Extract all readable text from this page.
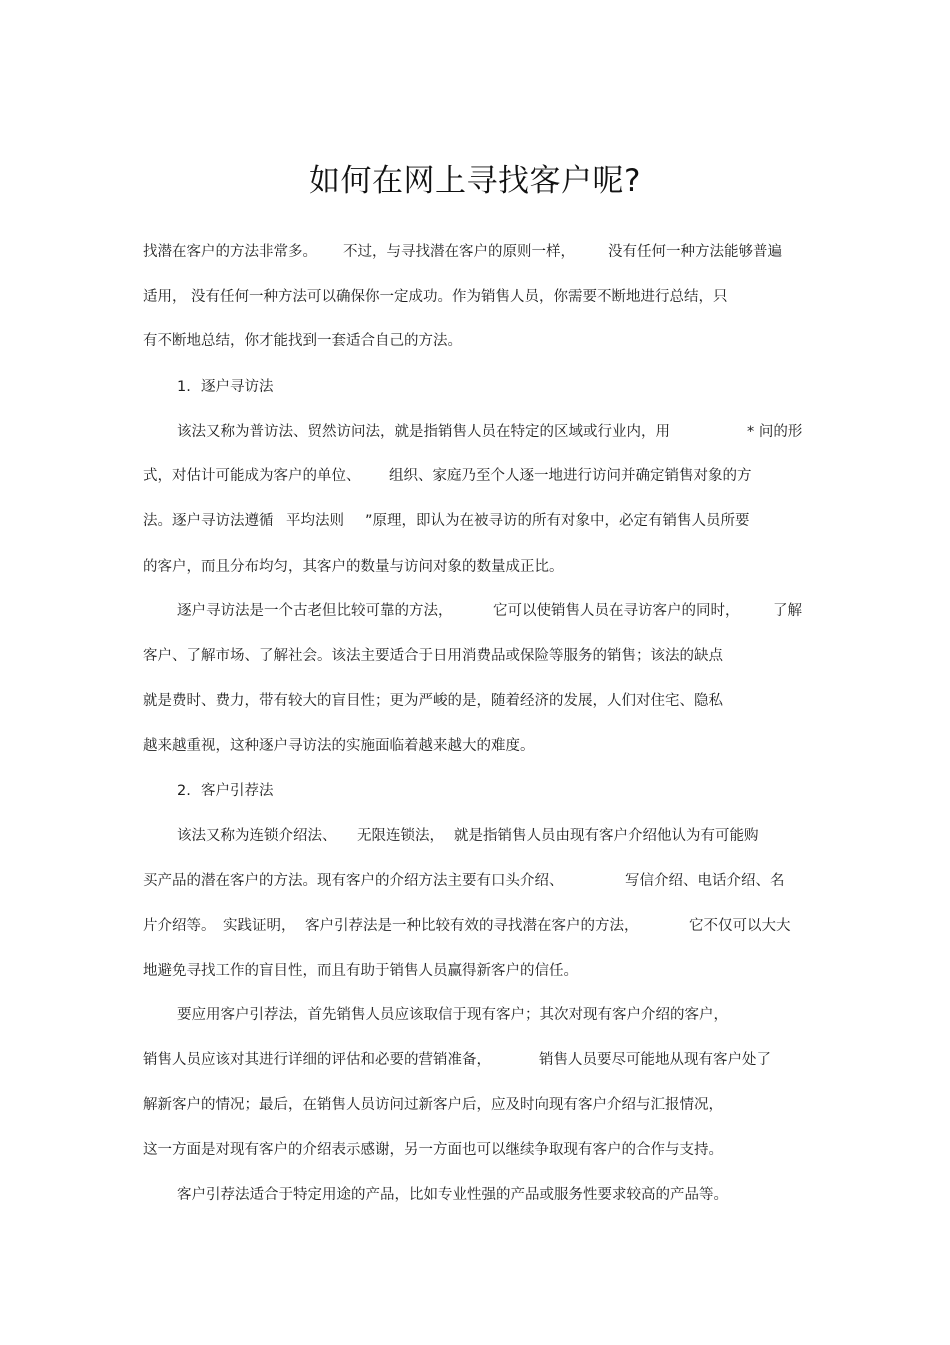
如何在网上寻找客户呢?
找潜在客户的方法非常多。 不过，与寻找潜在客户的原则一样， 没有任何一种方法能够普遍
适用， 没有任何一种方法可以确保你一定成功。作为销售人员，你需要不断地进行总结，只
有不断地总结，你才能找到一套适合自己的方法。
1. 逐户寻访法
该法又称为普访法、贸然访问法，就是指销售人员在特定的区域或行业内，用	* 问的形
式，对估计可能成为客户的单位、 组织、家庭乃至个人逐一地进行访问并确定销售对象的方
法。逐户寻访法遵循 平均法则 ”原理，即认为在被寻访的所有对象中，必定有销售人员所要
的客户，而且分布均匀，其客户的数量与访问对象的数量成正比。
逐户寻访法是一个古老但比较可靠的方法，	它可以使销售人员在寻访客户的同时， 了解
客户、了解市场、了解社会。该法主要适合于日用消费品或保险等服务的销售；该法的缺点
就是费时、费力，带有较大的盲目性；更为严峻的是，随着经济的发展，人们对住宅、隐私
越来越重视，这种逐户寻访法的实施面临着越来越大的难度。
2. 客户引荐法
该法又称为连锁介绍法、 无限连锁法， 就是指销售人员由现有客户介绍他认为有可能购
买产品的潜在客户的方法。现有客户的介绍方法主要有口头介绍、	写信介绍、电话介绍、名
片介绍等。 实践证明， 客户引荐法是一种比较有效的寻找潜在客户的方法，	它不仅可以大大
地避免寻找工作的盲目性，而且有助于销售人员赢得新客户的信任。
要应用客户引荐法，首先销售人员应该取信于现有客户；其次对现有客户介绍的客户，
销售人员应该对其进行详细的评估和必要的营销准备，	销售人员要尽可能地从现有客户处了
解新客户的情况；最后，在销售人员访问过新客户后，应及时向现有客户介绍与汇报情况，
这一方面是对现有客户的介绍表示感谢，另一方面也可以继续争取现有客户的合作与支持。
客户引荐法适合于特定用途的产品，比如专业性强的产品或服务性要求较高的产品等。
